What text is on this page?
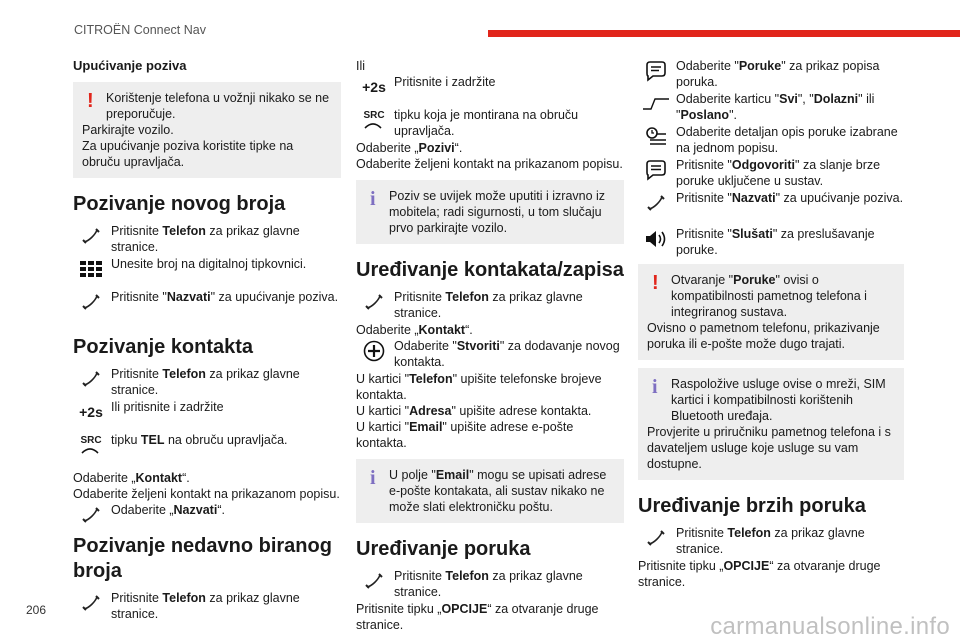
CITROËN Connect Nav
Upućivanje poziva
! Korištenje telefona u vožnji nikako se ne preporučuje.
Parkirajte vozilo.
Za upućivanje poziva koristite tipke na obruču upravljača.
Pozivanje novog broja
Pritisnite Telefon za prikaz glavne stranice.
Unesite broj na digitalnoj tipkovnici.
Pritisnite "Nazvati" za upućivanje poziva.
Pozivanje kontakta
Pritisnite Telefon za prikaz glavne stranice.
+2s Ili pritisnite i zadržite
SRC tipku TEL na obruču upravljača.
Odaberite „Kontakt“.
Odaberite željeni kontakt na prikazanom popisu.
Odaberite „Nazvati“.
Pozivanje nedavno biranog broja
Pritisnite Telefon za prikaz glavne stranice.
Ili
+2s Pritisnite i zadržite
SRC tipku koja je montirana na obruču upravljača.
Odaberite „Pozivi“.
Odaberite željeni kontakt na prikazanom popisu.
i	Poziv se uvijek može uputiti i izravno iz mobitela; radi sigurnosti, u tom slučaju prvo parkirajte vozilo.
Uređivanje kontakata/zapisa
Pritisnite Telefon za prikaz glavne stranice.
Odaberite „Kontakt“.
Odaberite "Stvoriti" za dodavanje novog kontakta.
U kartici "Telefon" upišite telefonske brojeve kontakta.
U kartici "Adresa" upišite adrese kontakta.
U kartici "Email" upišite adrese e-pošte kontakta.
i	U polje "Email" mogu se upisati adrese e-pošte kontakata, ali sustav nikako ne može slati elektroničku poštu.
Uređivanje poruka
Pritisnite Telefon za prikaz glavne stranice.
Pritisnite tipku „OPCIJE“ za otvaranje druge stranice.
Odaberite "Poruke" za prikaz popisa poruka.
Odaberite karticu "Svi", "Dolazni" ili "Poslano".
Odaberite detaljan opis poruke izabrane na jednom popisu.
Pritisnite "Odgovoriti" za slanje brze poruke uključene u sustav.
Pritisnite "Nazvati" za upućivanje poziva.
Pritisnite "Slušati" za preslušavanje poruke.
! Otvaranje "Poruke" ovisi o kompatibilnosti pametnog telefona i integriranog sustava.
Ovisno o pametnom telefonu, prikazivanje poruka ili e-pošte može dugo trajati.
i	Raspoložive usluge ovise o mreži, SIM kartici i kompatibilnosti korištenih Bluetooth uređaja.
Provjerite u priručniku pametnog telefona i s davateljem usluge koje usluge su vam dostupne.
Uređivanje brzih poruka
Pritisnite Telefon za prikaz glavne stranice.
Pritisnite tipku „OPCIJE“ za otvaranje druge stranice.
206
carmanualsonline.info
